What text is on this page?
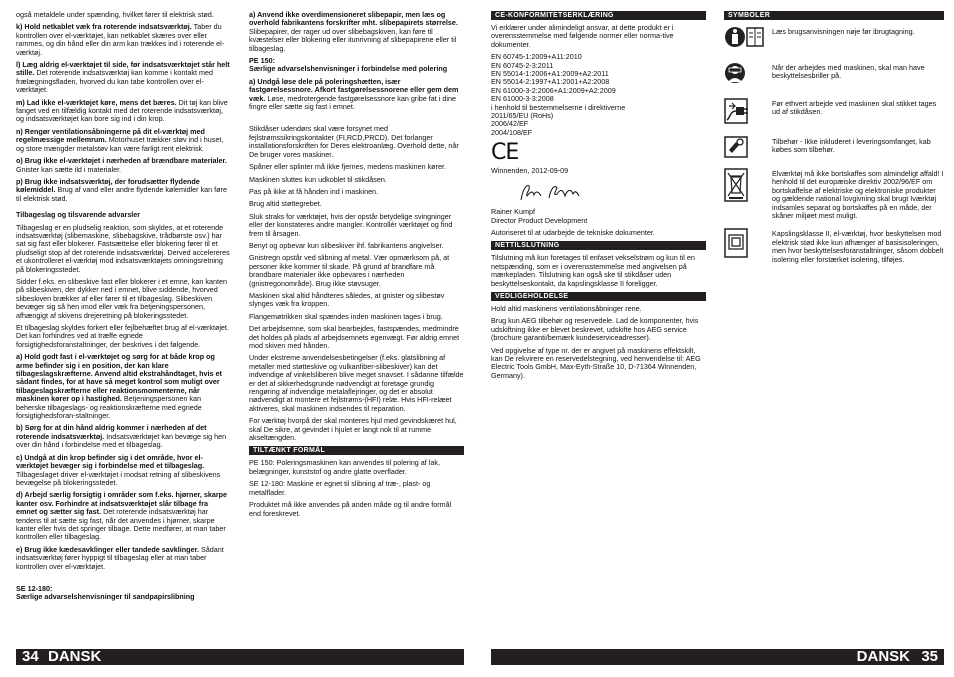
også metaldele under spænding, hvilket fører til elektrisk stød.

k) Hold netkablet væk fra roterende indsatsværktøj. Taber du kontrollen over el-værktøjet, kan netkablet skæres over eller rammes, og din hånd eller din arm kan trækkes ind i roterende el-værktøj.

l) Læg aldrig el-værktøjet til side, før indsatsværktøjet står helt stille. Det roterende indsatsværktøj kan komme i kontakt med frælægningsfladen, hvorved du kan tabe kontrollen over el-værktøjet.

m) Lad ikke el-værktøjet køre, mens det bæres. Dit tøj kan blive fanget ved en tilfældig kontakt med det roterende indsatsværktøj, og indsatsværktøjet kan bore sig ind i din krop.

n) Rengør ventilationsåbningerne på dit el-værktøj med regelmæssige mellemrum. Motorhuset trækker støv ind i huset, og store mængder metalstøv kan være farligt rent elektrisk.

o) Brug ikke el-værktøjet i nærheden af brændbare materialer. Gnister kan sætte ild i materialer.

p) Brug ikke indsatsværktøj, der forudsætter flydende kølemiddel. Brug af vand eller andre flydende kølemidler kan føre til elektrisk stød.

Tilbageslag og tilsvarende advarsler

Tilbageslag er en pludselig reaktion, som skyldes, at et roterende indsatsværktøj (slibemaskine, slibebagskive, trådbørste osv.) har sat sig fast eller blokerer. Fastsættelse eller blokering fører til et pludseligt stop af det roterende indsatsværktøj. Derved accelereres et ukontrolleret el-værktøj mod indsatsværktøjets omningsretning på blokeringsstedet.

Sidder f.eks. en slibeskive fast eller blokerer i et emne, kan kanten på slibeskiven, der dykker ned i emnet, blive siddende, hvorved slibeskiven brækker af eller fører til et tilbageslag. Slibeskiven bevæger sig så hen imod eller væk fra betjeningspersonen, afhængigt af skivens drejeretning på blokeringsstedet.

Et tilbageslag skyldes forkert eller fejlbehæftet brug af el-værktøjet. Det kan forhindres ved at træffe egnede forsigtighedsforanstaltninger, der beskrives i det følgende.

a) Hold godt fast i el-værktøjet og sørg for at både krop og arme befinder sig i en position, der kan klare tilbageslagskræfterne. Anvend altid ekstrahåndtaget, hvis et sådant findes, for at have så meget kontrol som muligt over tilbageslagskræfterne eller reaktionsmomenterne, når maskinen kører op i hastighed. Betjeningspersonen kan beherske tilbageslags- og reaktionskræfterne med egnede forsigtighedsforan-staltninger.

b) Sørg for at din hånd aldrig kommer i nærheden af det roterende indsatsværktøj. Indsatsværktøjet kan bevæge sig hen over din hånd i forbindelse med et tilbageslag.

c) Undgå at din krop befinder sig i det område, hvor el-værktøjet bevæger sig i forbindelse med et tilbageslag. Tilbageslaget driver el-værktøjet i modsat retning af slibeskivens bevægelse på blokeringsstedet.

d) Arbejd særlig forsigtig i områder som f.eks. hjørner, skarpe kanter osv. Forhindre at indsatsværktøjet slår tilbage fra emnet og sætter sig fast. Det roterende indsatsværktøj har tendens til at sætte sig fast, når det anvendes i hjørner, skarpe kanter eller hvis det springer tilbage. Dette medfører, at man taber kontrollen eller tilbageslag.

e) Brug ikke kædesavklinger eller tandede savklinger. Sådant indsatsværktøj fører hyppigt til tilbageslag eller at man taber kontrollen over el-værktøjet.

SE 12-180:
Særlige advarselshenvisninger til sandpapirslibning

a) Anvend ikke overdimensioneret slibepapir, men læs og overhold fabrikantens forskrifter mht. slibepapirets størrelse. Slibepapirer, der rager ud over slibebagskiven, kan føre til kvæstelser eller blokering eller itunrivning af slibepapirene eller til tilbageslag.

PE 150:
Særlige advarselshenvisninger i forbindelse med polering

a) Undgå løse dele på poleringshætten, især fastgørelsessnore. Afkort fastgørelsessnorene eller gem dem væk. Løse, medrotergende fastgørelsessnore kan gribe fat i dine fingre eller sætte sig fast i emnet.

Stikdåser udendørs skal være forsynet med fejlstrømssikringskontakter (FI,RCD,PRCD). Det forlanger installationsforskriften for Deres elektroanlæg. Overhold dette, når De bruger vores maskiner.

Spåner eller splinter må ikke fjernes, medens maskinen kører.

Maskinen sluttes kun udkoblet til stikdåsen.

Pas på ikke at få hånden ind i maskinen.

Brug altid støttegrebet.

Sluk straks for værktøjet, hvis der opstår betydelige svingninger eller der konstateres andre mangler. Kontrollér værktøjet og find frem til årsagen.

Benyt og opbevar kun slibeskiver ihf. fabrikantens angivelser.

Gnistregn opstår ved slibning af metal. Vær opmærksom på, at personer ikke kommer til skade. På grund af brandfare må brandbare materialer ikke opbevares i nærheden (gnistregonområde). Brug ikke støvsuger.

Maskinen skal altid håndteres således, at gnister og slibestøv slynges væk fra kroppen.

Flangemøtrikken skal spændes inden maskinen tages i brug.

Det arbejdsemne, som skal bearbejdes, fastspændes, medmindre det holdes på plads af arbejdsemnets egenvægt. Før aldrig emnet mod skiven med hånden.

Under ekstreme anvendelsesbetingelser (f.eks. glatslibning af metaller med støtteskive og vulkanfiber-slibeskiver) kan det indvendige af vinkelsliberen blive meget snavset. I sådanne tilfælde er det af sikkerhedsgrunde nødvendigt at foretage grundig rengøring af indvendige metalaflejringer, og det er absolut nødvendigt at montere et fejlstrøms-(HFI) relæ. Hvis HFI-relæet aktiveres, skal maskinen indsendes til reparation.

For værktøj hvorpå der skal monteres hjul med gevindskæret hul, skal De sikre, at gevindet i hjulet er langt nok til at rumme akseltængden.

TILTÆNKT FORMÅL

PE 150: Poleringsmaskinen kan anvendes til polering af lak, belægninger, kunststof og andre glatte overflader.

SE 12-180: Maskine er egnet til slibning af træ-, plast- og metalflader.

Produktet må ikke anvendes på anden måde og til andre formål end foreskrevet.

CE-KONFORMITETSERKLÆRING

Vi erklærer under alimindeligt ansvar, at dette produkt er i overensstemmelse med følgende normer eller norma-tive dokumenter.

EN 60745-1:2009+A11:2010
EN 60745-2-3:2011
EN 55014-1:2006+A1:2009+A2:2011
EN 55014-2:1997+A1:2001+A2:2008
EN 61000-3-2:2006+A1:2009+A2:2009
EN 61000-3-3:2008
i henhold til bestemmelserne i direktiverne
2011/65/EU (RoHs)
2006/42/EF
2004/108/EF
CE

Winnenden, 2012-09-09

Rainer Kumpf

Director Product Development

Autoriseret til at udarbejde de tekniske dokumenter.

NETTILSLUTNING

Tilslutning må kun foretages til enfaset vekselstrøm og kun til en netspænding, som er i overensstemmelse med angivelsen på mærkepladen. Tilslutning kan også ske til stikdåser uden beskyttelseskontakt, da kapslingsklasse II foreligger.

VEDLIGEHOLDELSE

Hold altid maskinens ventilationsåbninger rene.

Brug kun AEG tilbehør og reservedele. Lad de komponenter, hvis udskiftning ikke er blevet beskrevet, udskifte hos AEG service (brochure garanti/bemærk kundeserviceadresser).

Ved opgivelse af type nr. der er angivet på maskinens effektskilt, kan De rekvirere en reservedelstegning, ved henvendelse til: AEG Electric Tools GmbH, Max-Eyth-Straße 10, D-71364 Winnenden, Germany).

SYMBOLER

Læs brugsanvisningen nøje før ibrugtagning.

Når der arbejdes med maskinen, skal man have beskyttelsesbriller på.

Før ethvert arbejde ved maskinen skal stikket tages ud af stikdåsen.

Tilbehør - Ikke inkluderet i leveringsomfanget, kab købes som tilbehør.

Elværktøj må ikke bortskaffes som almindeligt affald! I henhold til det europæiske direktiv 2002/96/EF om bortskaffelse af elektriske og elektroniske produkter og gældende national lovgivning skal brugt Iværktøj indsamles separat og bortskaffes på en måde, der skåner miljøet mest muligt.

Kapslingsklasse II, el-værktøj, hvor beskyttelsen mod elektrisk stød ikke kun afhænger af basisisoleringen, men hvor beskyttelsesforanstaltninger, såsom dobbelt isolering eller forstærket isolering, tilføjes.

34 DANSK	DANSK 35
